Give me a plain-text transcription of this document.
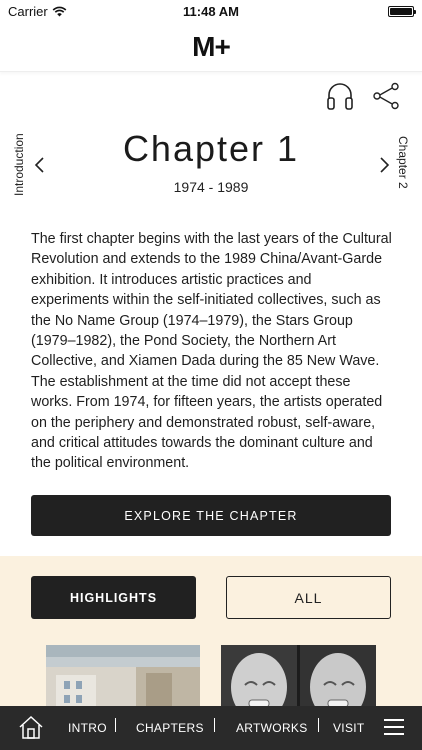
Carrier	11:48 AM
M+
Introduction	Chapter 1
1974 - 1989	Chapter 2

The first chapter begins with the last years of the Cultural Revolution and extends to the 1989 China/Avant-Garde exhibition. It introduces artistic practices and experiments within the self-initiated collectives, such as the No Name Group (1974–1979), the Stars Group (1979–1982), the Pond Society, the Northern Art Collective, and Xiamen Dada during the 85 New Wave. The establishment at the time did not accept these works. From 1974, for fifteen years, the artists operated on the periphery and demonstrated robust, self-aware, and critical attitudes towards the dominant culture and the political environment.

EXPLORE THE CHAPTER
HIGHLIGHTS	ALL
INTRO CHAPTERS	ARTWORKS VISIT
